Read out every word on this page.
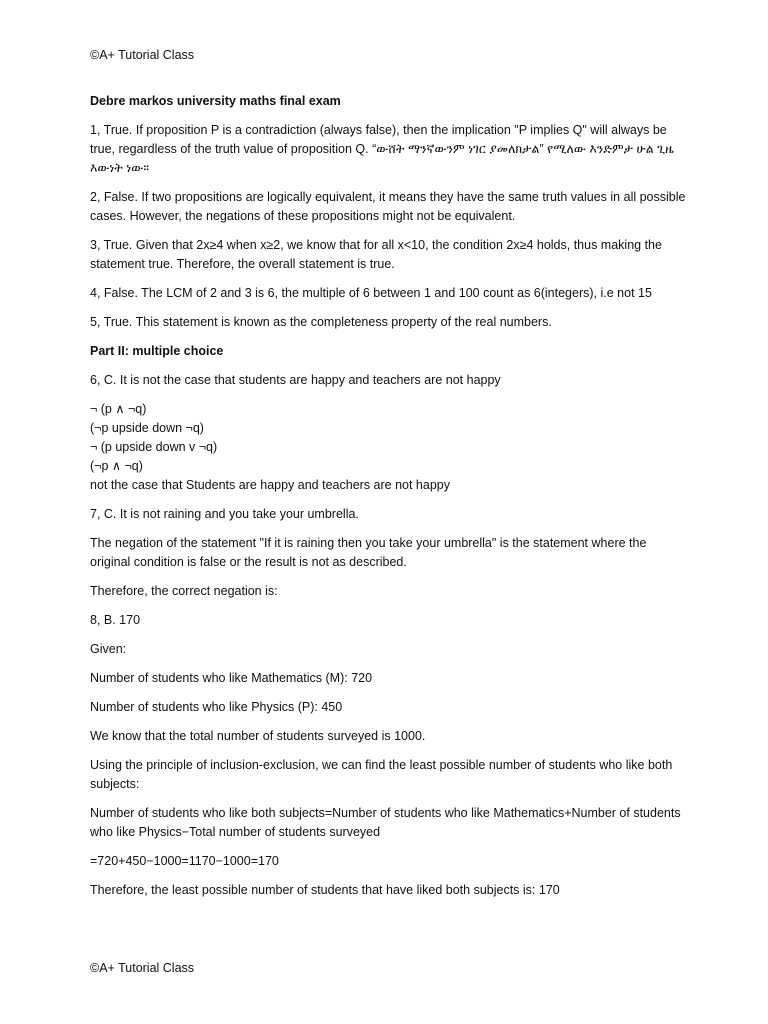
©A+ Tutorial Class

Debre markos university maths final exam

1, True. If proposition P is a contradiction (always false), then the implication "P implies Q" will always be true, regardless of the truth value of proposition Q. “ውሸት ማንኛውንም ነገር ያመለክታል” የሚለው እንድምታ ሁል ጊዜ እውነት ነው።

2, False. If two propositions are logically equivalent, it means they have the same truth values in all possible cases. However, the negations of these propositions might not be equivalent.

3, True. Given that 2x≥4 when x≥2, we know that for all x<10, the condition 2x≥4 holds, thus making the statement true. Therefore, the overall statement is true.

4, False. The LCM of 2 and 3 is 6, the multiple of 6 between 1 and 100 count as 6(integers), i.e not 15

5, True. This statement is known as the completeness property of the real numbers.

Part II: multiple choice

6, C. It is not the case that students are happy and teachers are not happy

¬ (p ∧ ¬q)
(¬p upside down ¬q)
¬ (p upside down v ¬q)
(¬p ∧ ¬q)
not the case that Students are happy and teachers are not happy

7, C. It is not raining and you take your umbrella.

The negation of the statement "If it is raining then you take your umbrella" is the statement where the original condition is false or the result is not as described.

Therefore, the correct negation is:

8, B. 170

Given:

Number of students who like Mathematics (M): 720

Number of students who like Physics (P): 450

We know that the total number of students surveyed is 1000.

Using the principle of inclusion-exclusion, we can find the least possible number of students who like both subjects:

Number of students who like both subjects=Number of students who like Mathematics+Number of students who like Physics−Total number of students surveyed

=720+450−1000=1170−1000=170

Therefore, the least possible number of students that have liked both subjects is: 170

©A+ Tutorial Class
